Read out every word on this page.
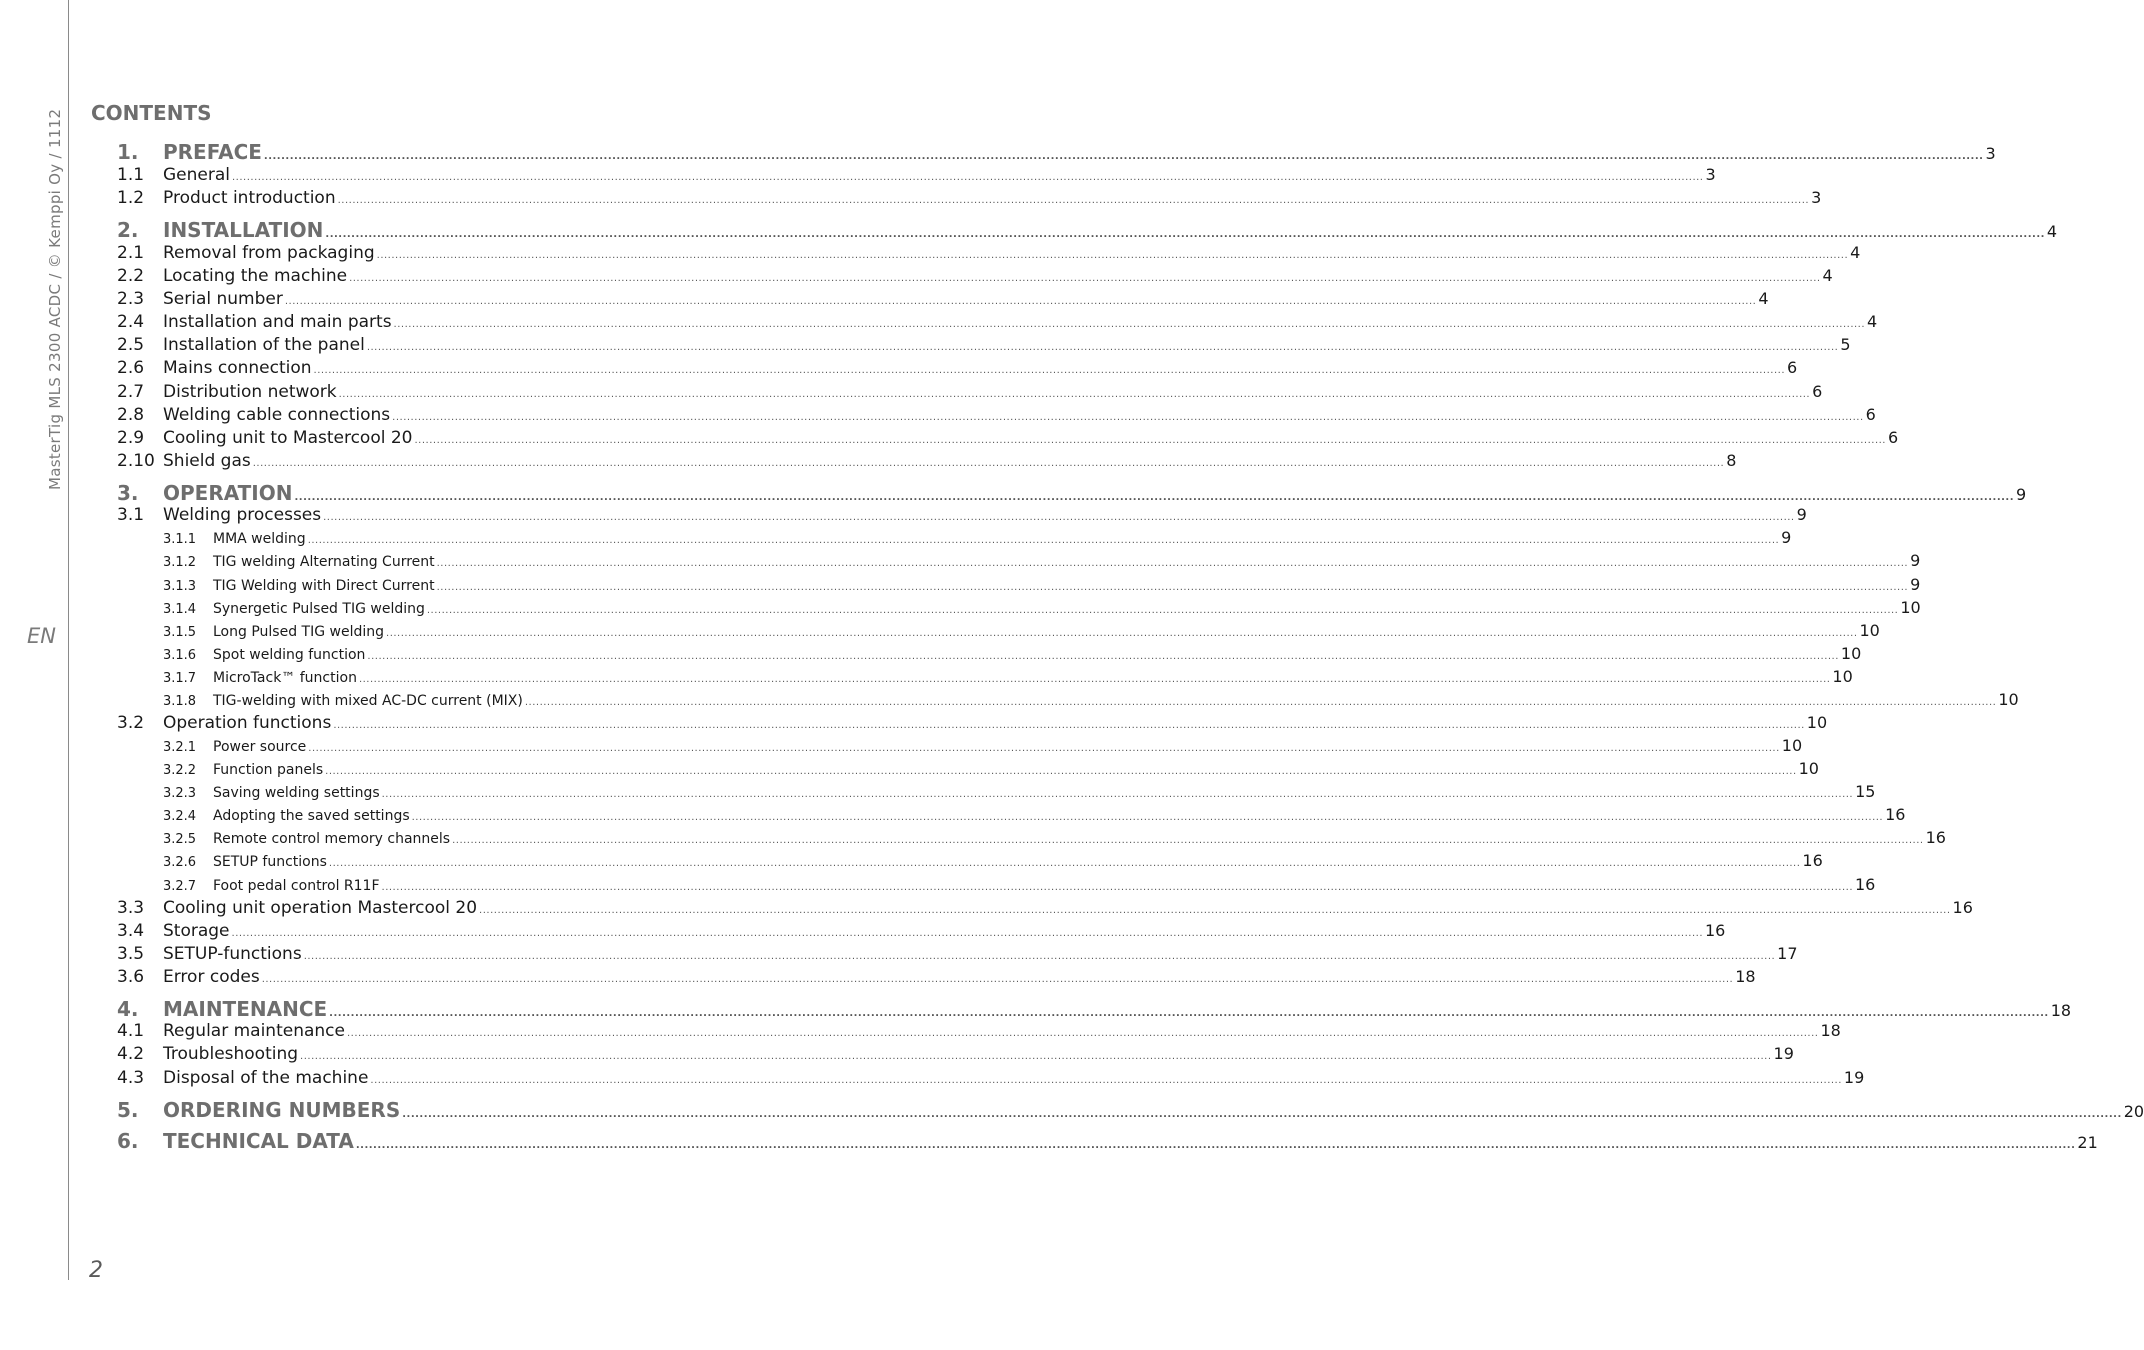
MasterTig MLS 2300 ACDC / © Kemppi Oy / 1112
EN
2
CONTENTS
1.	PREFACE ................................................................................................................................................................................................................................................................................................................................................................................................................ 3
1.1	General ................................................................................................................................................................................................................................................................................................................................................................................................................ 3
1.2	Product introduction ................................................................................................................................................................................................................................................................................................................................................................................................................ 3
2.	INSTALLATION ................................................................................................................................................................................................................................................................................................................................................................................................................ 4
2.1	Removal from packaging ................................................................................................................................................................................................................................................................................................................................................................................................................ 4
2.2	Locating the machine ................................................................................................................................................................................................................................................................................................................................................................................................................ 4
2.3	Serial number ................................................................................................................................................................................................................................................................................................................................................................................................................ 4
2.4	Installation and main parts ................................................................................................................................................................................................................................................................................................................................................................................................................ 4
2.5	Installation of the panel ................................................................................................................................................................................................................................................................................................................................................................................................................ 5
2.6	Mains connection ................................................................................................................................................................................................................................................................................................................................................................................................................ 6
2.7	Distribution network ................................................................................................................................................................................................................................................................................................................................................................................................................ 6
2.8	Welding cable connections ................................................................................................................................................................................................................................................................................................................................................................................................................ 6
2.9	Cooling unit to Mastercool 20 ................................................................................................................................................................................................................................................................................................................................................................................................................ 6
2.10 Shield gas ................................................................................................................................................................................................................................................................................................................................................................................................................ 8
3.	OPERATION ................................................................................................................................................................................................................................................................................................................................................................................................................ 9
3.1	Welding processes ................................................................................................................................................................................................................................................................................................................................................................................................................ 9
3.1.1	MMA welding ................................................................................................................................................................................................................................................................................................................................................................................................................ 9
3.1.2	TIG welding Alternating Current ................................................................................................................................................................................................................................................................................................................................................................................................................ 9
3.1.3	TIG Welding with Direct Current ................................................................................................................................................................................................................................................................................................................................................................................................................ 9
3.1.4	Synergetic Pulsed TIG welding ................................................................................................................................................................................................................................................................................................................................................................................................................ 10
3.1.5	Long Pulsed TIG welding ................................................................................................................................................................................................................................................................................................................................................................................................................ 10
3.1.6	Spot welding function ................................................................................................................................................................................................................................................................................................................................................................................................................ 10
3.1.7	MicroTack™ function ................................................................................................................................................................................................................................................................................................................................................................................................................ 10
3.1.8	TIG-welding with mixed AC-DC current (MIX) ................................................................................................................................................................................................................................................................................................................................................................................................................ 10
3.2	Operation functions ................................................................................................................................................................................................................................................................................................................................................................................................................ 10
3.2.1	Power source ................................................................................................................................................................................................................................................................................................................................................................................................................ 10
3.2.2	Function panels ................................................................................................................................................................................................................................................................................................................................................................................................................ 10
3.2.3	Saving welding settings ................................................................................................................................................................................................................................................................................................................................................................................................................ 15
3.2.4	Adopting the saved settings ................................................................................................................................................................................................................................................................................................................................................................................................................ 16
3.2.5	Remote control memory channels ................................................................................................................................................................................................................................................................................................................................................................................................................ 16
3.2.6	SETUP functions ................................................................................................................................................................................................................................................................................................................................................................................................................ 16
3.2.7	Foot pedal control R11F ................................................................................................................................................................................................................................................................................................................................................................................................................ 16
3.3	Cooling unit operation Mastercool 20 ................................................................................................................................................................................................................................................................................................................................................................................................................ 16
3.4	Storage ................................................................................................................................................................................................................................................................................................................................................................................................................ 16
3.5	SETUP-functions ................................................................................................................................................................................................................................................................................................................................................................................................................ 17
3.6	Error codes ................................................................................................................................................................................................................................................................................................................................................................................................................ 18
4.	MAINTENANCE ................................................................................................................................................................................................................................................................................................................................................................................................................ 18
4.1	Regular maintenance ................................................................................................................................................................................................................................................................................................................................................................................................................ 18
4.2	Troubleshooting ................................................................................................................................................................................................................................................................................................................................................................................................................ 19
4.3	Disposal of the machine ................................................................................................................................................................................................................................................................................................................................................................................................................ 19
5.	ORDERING NUMBERS ................................................................................................................................................................................................................................................................................................................................................................................................................ 20
6.	TECHNICAL DATA ................................................................................................................................................................................................................................................................................................................................................................................................................ 21
